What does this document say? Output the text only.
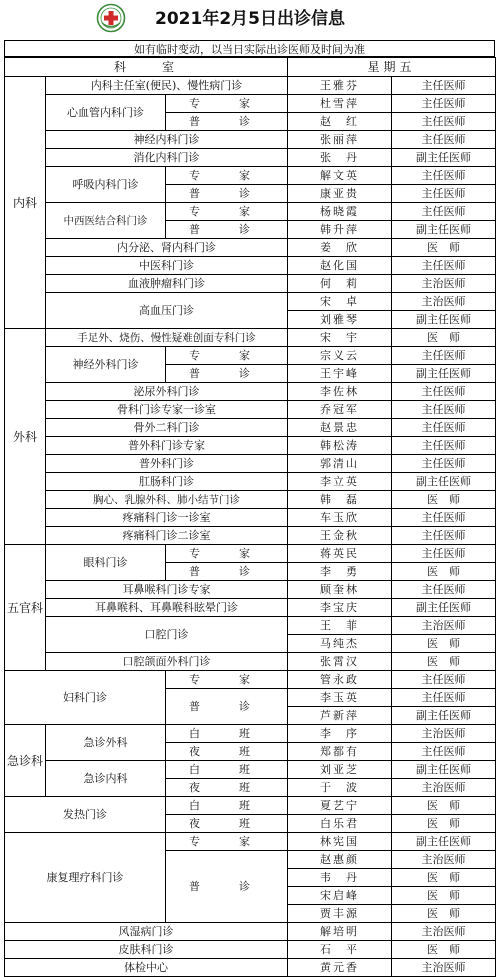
2021年2月5日出诊信息
如有临时变动，以当日实际出诊医师及时间为准
科　　室			星期五	
内科	内科主任室(便民)、慢性病门诊		王雅芬	主任医师
	心血管内科门诊	专　家	杜雪萍	主任医师
		普　诊	赵　红	主任医师
	神经内科门诊		张丽萍	主任医师
	消化内科门诊		张　丹	副主任医师
	呼吸内科门诊	专　家	解文英	主任医师
		普　诊	康亚贵	主任医师
	中西医结合科门诊	专　家	杨晓霞	主任医师
		普　诊	韩升萍	副主任医师
	内分泌、肾内科门诊		姜　欣	医　师
	中医科门诊		赵化国	主任医师
	血液肿瘤科门诊		何　莉	主治医师
	高血压门诊		宋　卓	主治医师
			刘雅琴	副主任医师
外科	手足外、烧伤、慢性疑难创面专科门诊		宋　宇	医　师
	神经外科门诊	专　家	宗义云	主任医师
		普　诊	王宇峰	副主任医师
	泌尿外科门诊		李佐林	主任医师
	骨科门诊专家一诊室		乔冠军	主任医师
	骨外二科门诊		赵景忠	主任医师
	普外科门诊专家		韩松涛	主任医师
	普外科门诊		郭清山	主任医师
	肛肠科门诊		李立英	副主任医师
	胸心、乳腺外科、肺小结节门诊		韩　磊	医　师
	疼痛科门诊一诊室		车玉欣	主任医师
	疼痛科门诊二诊室		王金秋	主任医师
五官科	眼科门诊	专　家	蒋英民	主任医师
		普　诊	李　勇	医　师
	耳鼻喉科门诊专家		顾奎林	主任医师
	耳鼻喉科、耳鼻喉科眩晕门诊		李宝庆	副主任医师
	口腔门诊		王　菲	主治医师
			马纯杰	医　师
	口腔颌面外科门诊		张霄汉	医　师
妇科门诊		专　家	管永政	主任医师
		普　诊	李玉英	主任医师
			芦新萍	副主任医师
急诊科	急诊外科	白　班	李　序	主治医师
		夜　班	郑都有	主任医师
	急诊内科	白　班	刘亚芝	副主任医师
		夜　班	于　波	主治医师
发热门诊		白　班	夏艺宁	医　师
		夜　班	白乐君	医　师
康复理疗科门诊		专　家	林宪国	副主任医师
		普　诊	赵惠颜	主治医师
			韦　丹	医　师
			宋启峰	医　师
			贾丰源	医　师
风湿病门诊			解培明	主治医师
皮肤科门诊			石　平	医　师
体检中心			黄元香	主治医师
